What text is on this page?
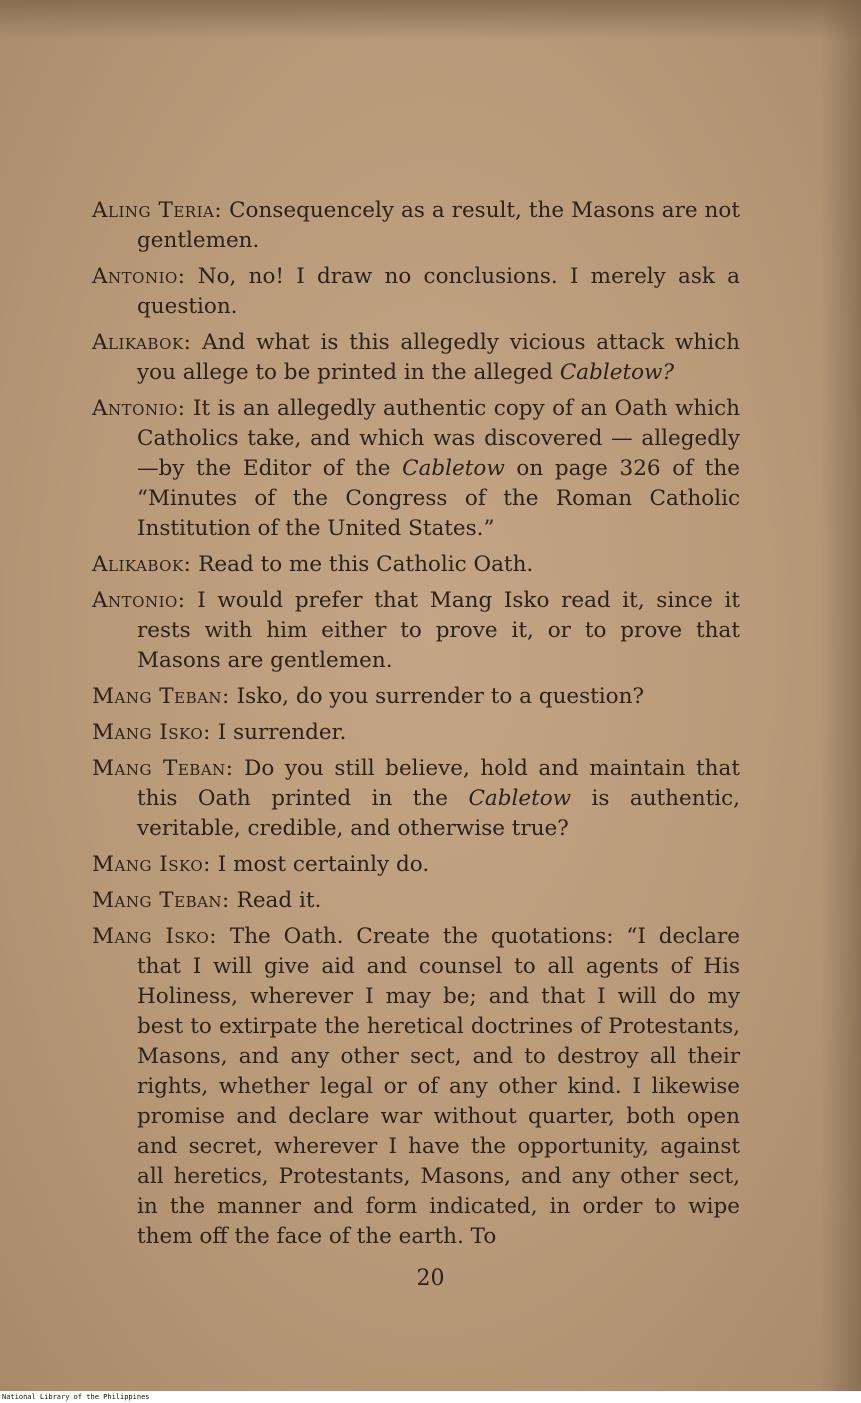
Aling Teria: Consequencely as a result, the Masons are not gentlemen.

Antonio: No, no! I draw no conclusions. I merely ask a question.

Alikabok: And what is this allegedly vicious attack which you allege to be printed in the alleged Cabletow?

Antonio: It is an allegedly authentic copy of an Oath which Catholics take, and which was discovered — allegedly—by the Editor of the Cabletow on page 326 of the “Minutes of the Congress of the Roman Catholic Institution of the United States.”

Alikabok: Read to me this Catholic Oath.

Antonio: I would prefer that Mang Isko read it, since it rests with him either to prove it, or to prove that Masons are gentlemen.

Mang Teban: Isko, do you surrender to a question?

Mang Isko: I surrender.

Mang Teban: Do you still believe, hold and maintain that this Oath printed in the Cabletow is authentic, veritable, credible, and otherwise true?

Mang Isko: I most certainly do.

Mang Teban: Read it.

Mang Isko: The Oath. Create the quotations: “I declare that I will give aid and counsel to all agents of His Holiness, wherever I may be; and that I will do my best to extirpate the heretical doctrines of Protestants, Masons, and any other sect, and to destroy all their rights, whether legal or of any other kind. I likewise promise and declare war without quarter, both open and secret, wherever I have the opportunity, against all heretics, Protestants, Masons, and any other sect, in the manner and form indicated, in order to wipe them off the face of the earth. To

20
National Library of the Philippines
